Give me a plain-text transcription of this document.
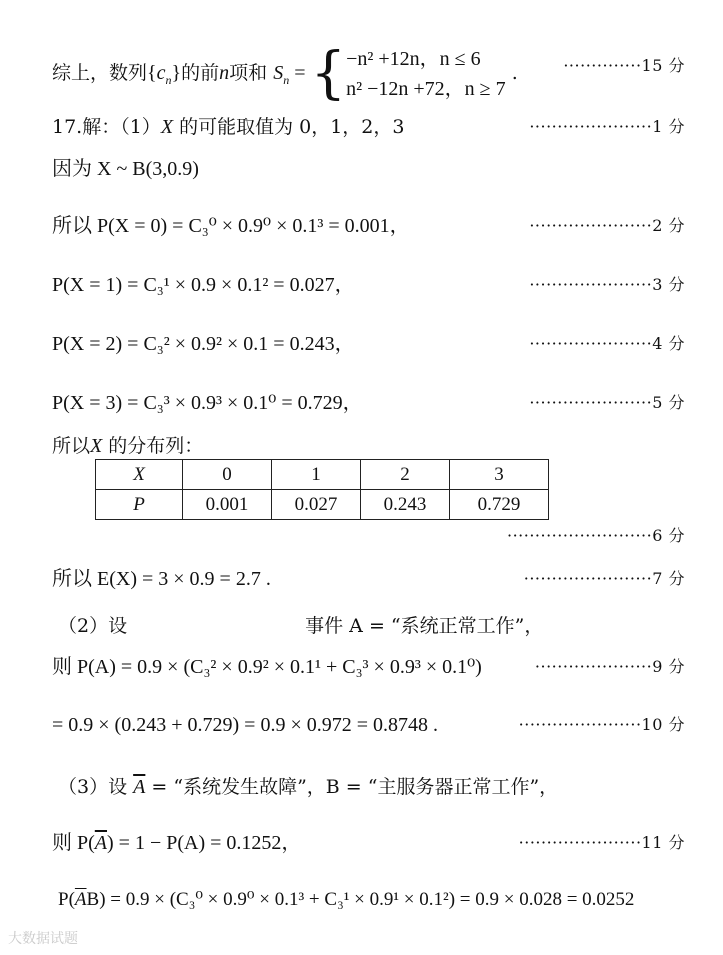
综上，数列$\{c_n\}$的前n项和 $S_n = \{-n^2 +12n$，n ≤ 6
n² −12n +72，n ≥ 7 .	··············15 分
17.解：（1）X 的可能取值为 0，1，2，3	······················1 分
因为 X ~ B(3,0.9)
所以 P(X = 0) = C₃⁰ × 0.9⁰ × 0.1³ = 0.001，	······················2 分
P(X = 1) = C₃¹ × 0.9 × 0.1² = 0.027，	······················3 分
P(X = 2) = C₃² × 0.9² × 0.1 = 0.243，	······················4 分
P(X = 3) = C₃³ × 0.9³ × 0.1⁰ = 0.729，	······················5 分
所以X 的分布列：
X	0	1	2	3
P	0.001	0.027	0.243	0.729
··························6 分
所以 E(X) = 3 × 0.9 = 2.7 .	·······················7 分
（2）设	事件 A = “系统正常工作”，
则 P(A) = 0.9 × (C₃² × 0.9² × 0.1¹ + C₃³ × 0.9³ × 0.1⁰)	·····················9 分
= 0.9 × (0.243 + 0.729) = 0.9 × 0.972 = 0.8748 .	······················10 分
（3）设 $\overline{A}$ = “系统发生故障”，B = “主服务器正常工作”，
则 $P(\overline{A}) = 1 - P(A) = 0.1252$，	······················11 分
$P(\overline{A}B) = 0.9 \times (C_3^0 \times 0.9^0 \times 0.1^3 + C_3^1 \times 0.9^1 \times 0.1^2) = 0.9 \times 0.028 = 0.0252$
大数据试题
